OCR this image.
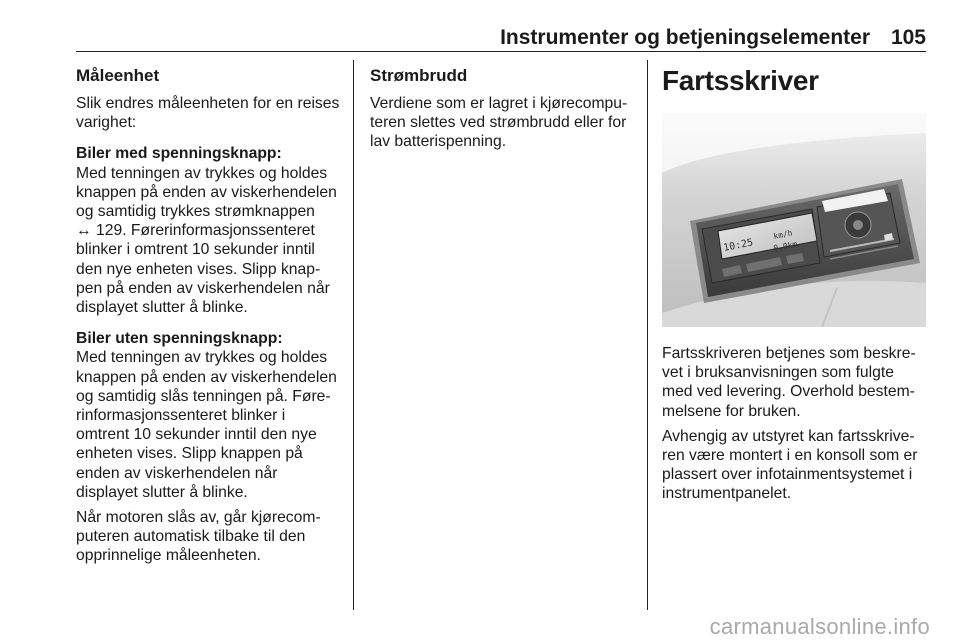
Instrumenter og betjeningselementer 105
Måleenhet

Slik endres måleenheten for en reises
varighet:

Biler med spenningsknapp:
Med tenningen av trykkes og holdes
knappen på enden av viskerhendelen
og samtidig trykkes strømknappen
↔ 129. Førerinformasjonssenteret
blinker i omtrent 10 sekunder inntil
den nye enheten vises. Slipp knap-
pen på enden av viskerhendelen når
displayet slutter å blinke.

Biler uten spenningsknapp:
Med tenningen av trykkes og holdes
knappen på enden av viskerhendelen
og samtidig slås tenningen på. Føre-
rinformasjonssenteret blinker i
omtrent 10 sekunder inntil den nye
enheten vises. Slipp knappen på
enden av viskerhendelen når
displayet slutter å blinke.

Når motoren slås av, går kjørecom-
puteren automatisk tilbake til den
opprinnelige måleenheten.

Strømbrudd

Verdiene som er lagret i kjørecompu-
teren slettes ved strømbrudd eller for
lav batterispenning.

Fartsskriver
10:25
km/h
0,0km

Fartsskriveren betjenes som beskre-
vet i bruksanvisningen som fulgte
med ved levering. Overhold bestem-
melsene for bruken.

Avhengig av utstyret kan fartsskrive-
ren være montert i en konsoll som er
plassert over infotainmentsystemet i
instrumentpanelet.

carmanualsonline.info
